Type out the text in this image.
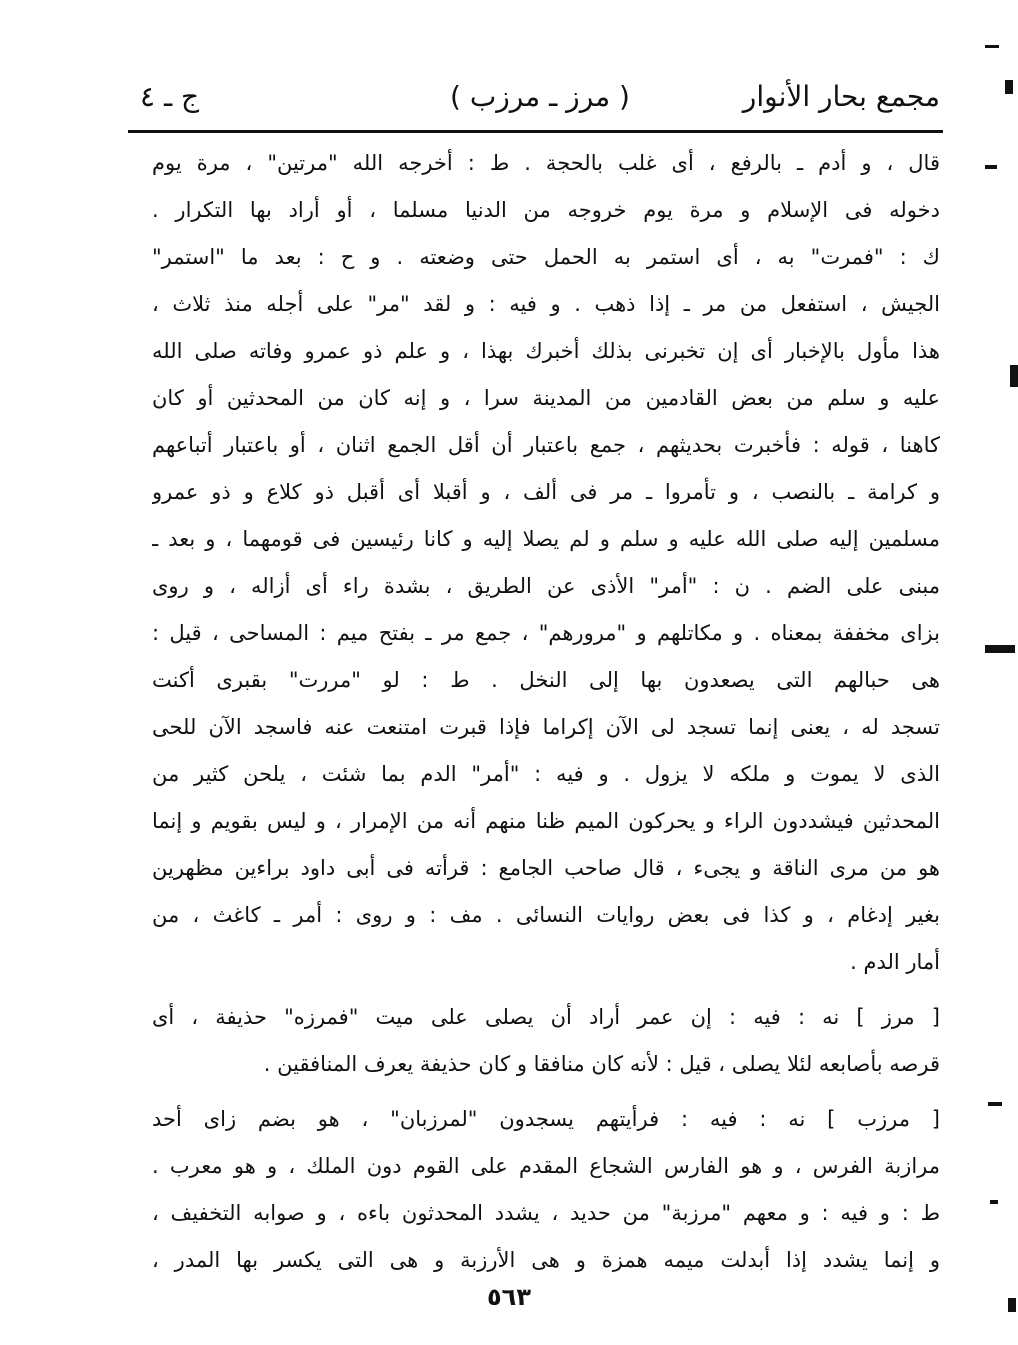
مجمع بحار الأنوار
( مرز ـ مرزب )
ج ـ ٤
قال ، و أدم ـ بالرفع ، أى غلب بالحجة . ط : أخرجه الله "مرتين" ، مرة يوم
دخوله فى الإسلام و مرة يوم خروجه من الدنيا مسلما ، أو أراد بها التكرار .
ك : "فمرت" به ، أى استمر به الحمل حتى وضعته . و ح : بعد ما "استمر"
الجيش ، استفعل من مر ـ إذا ذهب . و فيه : و لقد "مر" على أجله منذ ثلاث ،
هذا مأول بالإخبار أى إن تخبرنى بذلك أخبرك بهذا ، و علم ذو عمرو وفاته صلى الله
عليه و سلم من بعض القادمين من المدينة سرا ، و إنه كان من المحدثين أو كان
كاهنا ، قوله : فأخبرت بحديثهم ، جمع باعتبار أن أقل الجمع اثنان ، أو باعتبار أتباعهم
و كرامة ـ بالنصب ، و تأمروا ـ مر فى ألف ، و أقبلا أى أقبل ذو كلاع و ذو عمرو
مسلمين إليه صلى الله عليه و سلم و لم يصلا إليه و كانا رئيسين فى قومهما ، و بعد ـ
مبنى على الضم . ن : "أمر" الأذى عن الطريق ، بشدة راء أى أزاله ، و روى
بزاى مخففة بمعناه . و مكاتلهم و "مرورهم" ، جمع مر ـ بفتح ميم : المساحى ، قيل :
هى حبالهم التى يصعدون بها إلى النخل . ط : لو "مررت" بقبرى أكنت
تسجد له ، يعنى إنما تسجد لى الآن إكراما فإذا قبرت امتنعت عنه فاسجد الآن للحى
الذى لا يموت و ملكه لا يزول . و فيه : "أمر" الدم بما شئت ، يلحن كثير من
المحدثين فيشددون الراء و يحركون الميم ظنا منهم أنه من الإمرار ، و ليس بقويم و إنما
هو من مرى الناقة و يجىء ، قال صاحب الجامع : قرأته فى أبى داود براءين مظهرين
بغير إدغام ، و كذا فى بعض روايات النسائى . مف : و روى : أمر ـ كاغث ، من
أمار الدم .
[ مرز ] نه : فيه : إن عمر أراد أن يصلى على ميت "فمرزه" حذيفة ، أى
قرصه بأصابعه لئلا يصلى ، قيل : لأنه كان منافقا و كان حذيفة يعرف المنافقين .
[ مرزب ] نه : فيه : فرأيتهم يسجدون "لمرزبان" ، هو بضم زاى أحد
مرازبة الفرس ، و هو الفارس الشجاع المقدم على القوم دون الملك ، و هو معرب .
ط : و فيه : و معهم "مرزبة" من حديد ، يشدد المحدثون باءه ، و صوابه التخفيف ،
و إنما يشدد إذا أبدلت ميمه همزة و هى الأرزبة و هى التى يكسر بها المدر ،
٥٦٣
